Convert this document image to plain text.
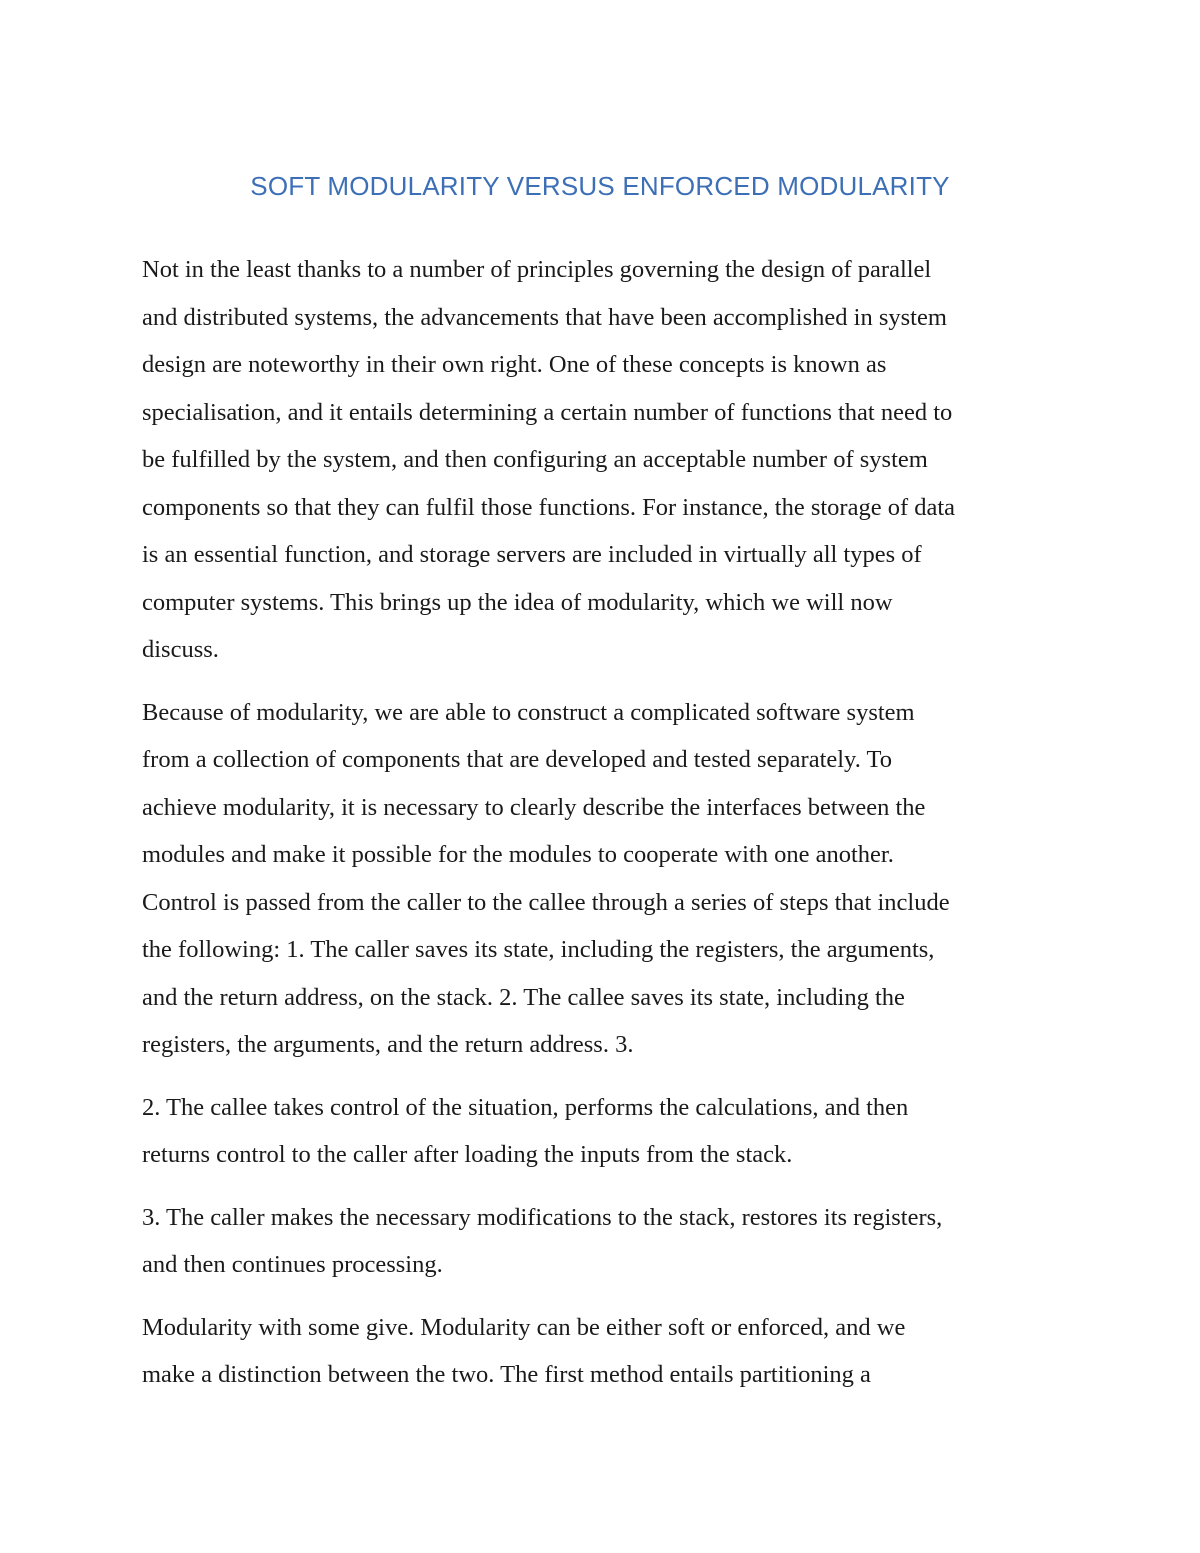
SOFT MODULARITY VERSUS ENFORCED MODULARITY
Not in the least thanks to a number of principles governing the design of parallel
and distributed systems, the advancements that have been accomplished in system
design are noteworthy in their own right. One of these concepts is known as
specialisation, and it entails determining a certain number of functions that need to
be fulfilled by the system, and then configuring an acceptable number of system
components so that they can fulfil those functions. For instance, the storage of data
is an essential function, and storage servers are included in virtually all types of
computer systems. This brings up the idea of modularity, which we will now
discuss.
Because of modularity, we are able to construct a complicated software system
from a collection of components that are developed and tested separately. To
achieve modularity, it is necessary to clearly describe the interfaces between the
modules and make it possible for the modules to cooperate with one another.
Control is passed from the caller to the callee through a series of steps that include
the following: 1. The caller saves its state, including the registers, the arguments,
and the return address, on the stack. 2. The callee saves its state, including the
registers, the arguments, and the return address. 3.
2. The callee takes control of the situation, performs the calculations, and then
returns control to the caller after loading the inputs from the stack.
3. The caller makes the necessary modifications to the stack, restores its registers,
and then continues processing.
Modularity with some give. Modularity can be either soft or enforced, and we
make a distinction between the two. The first method entails partitioning a
